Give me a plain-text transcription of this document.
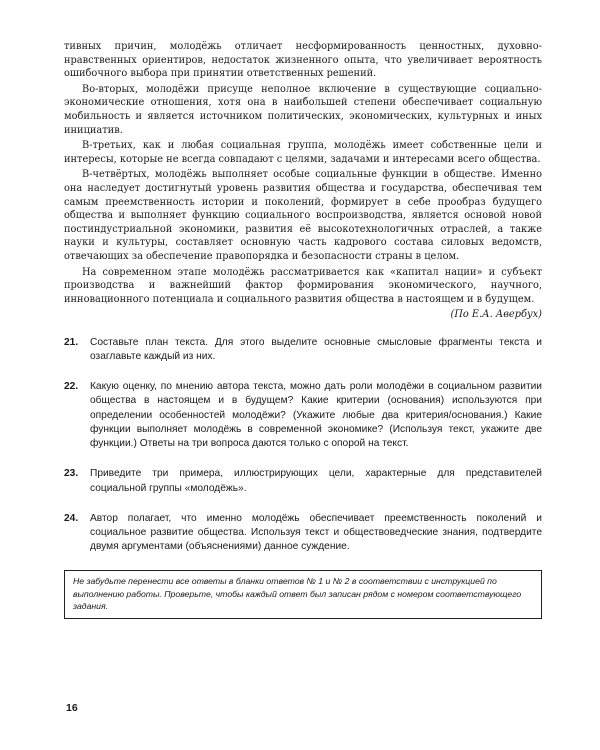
тивных причин, молодёжь отличает несформированность ценностных, духовно-нравственных ориентиров, недостаток жизненного опыта, что увеличивает вероятность ошибочного выбора при принятии ответственных решений.

Во-вторых, молодёжи присуще неполное включение в существующие социально-экономические отношения, хотя она в наибольшей степени обеспечивает социальную мобильность и является источником политических, экономических, культурных и иных инициатив.

В-третьих, как и любая социальная группа, молодёжь имеет собственные цели и интересы, которые не всегда совпадают с целями, задачами и интересами всего общества.

В-четвёртых, молодёжь выполняет особые социальные функции в обществе. Именно она наследует достигнутый уровень развития общества и государства, обеспечивая тем самым преемственность истории и поколений, формирует в себе прообраз будущего общества и выполняет функцию социального воспроизводства, является основой новой постиндустриальной экономики, развития её высокотехнологичных отраслей, а также науки и культуры, составляет основную часть кадрового состава силовых ведомств, отвечающих за обеспечение правопорядка и безопасности страны в целом.

На современном этапе молодёжь рассматривается как «капитал нации» и субъект производства и важнейший фактор формирования экономического, научного, инновационного потенциала и социального развития общества в настоящем и в будущем.

(По Е.А. Авербух)
21.	Составьте план текста. Для этого выделите основные смысловые фрагменты текста и озаглавьте каждый из них.
22.	Какую оценку, по мнению автора текста, можно дать роли молодёжи в социальном развитии общества в настоящем и в будущем? Какие критерии (основания) используются при определении особенностей молодёжи? (Укажите любые два критерия/основания.) Какие функции выполняет молодёжь в современной экономике? (Используя текст, укажите две функции.) Ответы на три вопроса даются только с опорой на текст.
23.	Приведите три примера, иллюстрирующих цели, характерные для представителей социальной группы «молодёжь».
24.	Автор полагает, что именно молодёжь обеспечивает преемственность поколений и социальное развитие общества. Используя текст и обществоведческие знания, подтвердите двумя аргументами (объяснениями) данное суждение.
Не забудьте перенести все ответы в бланки ответов № 1 и № 2 в соответствии с инструкцией по выполнению работы. Проверьте, чтобы каждый ответ был записан рядом с номером соответствующего задания.
16
